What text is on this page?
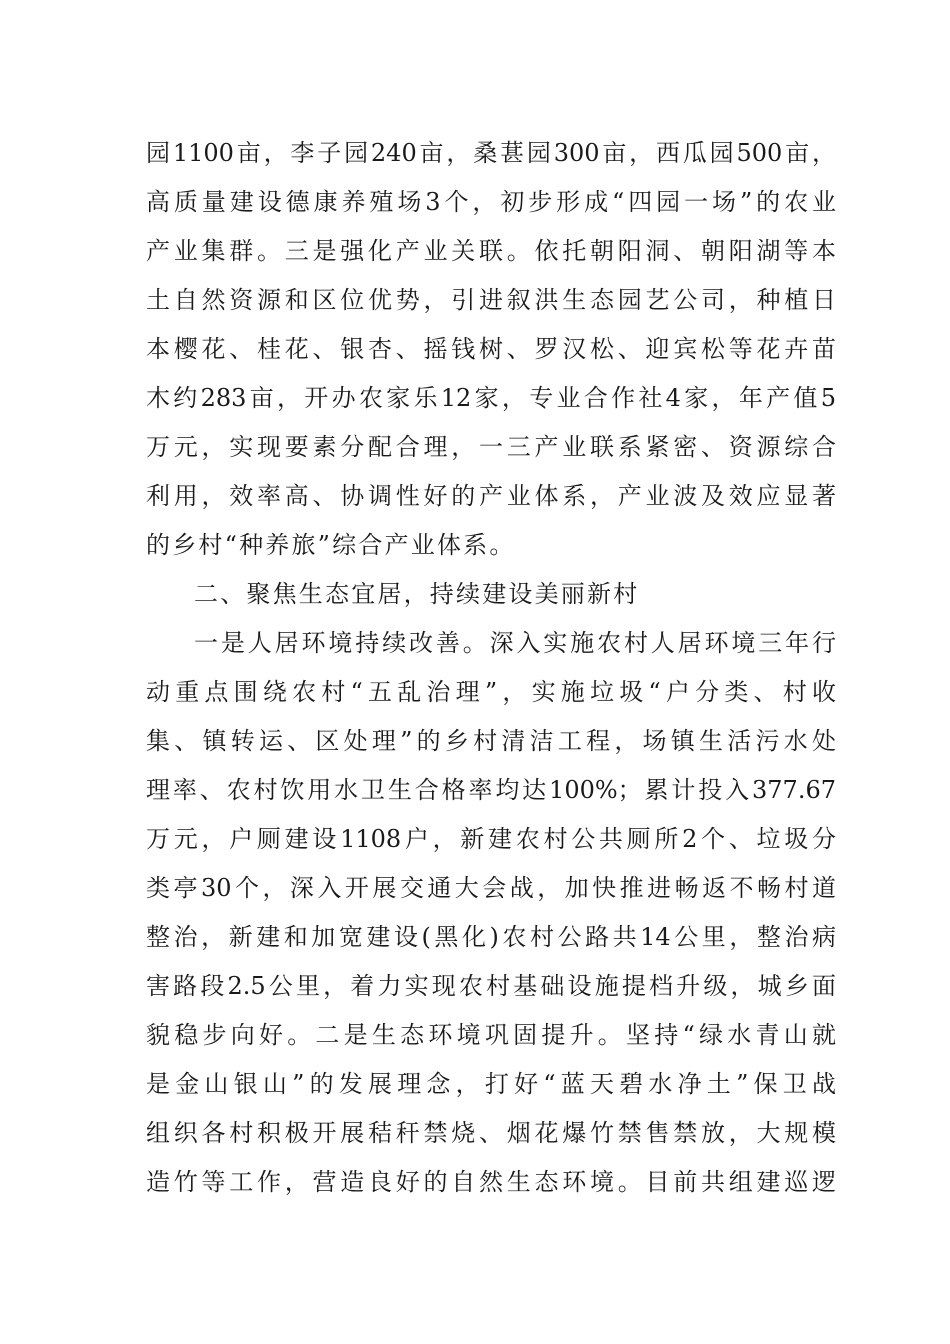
园1100亩，李子园240亩，桑葚园300亩，西瓜园500亩，
高质量建设德康养殖场3个，初步形成“四园一场”的农业
产业集群。三是强化产业关联。依托朝阳洞、朝阳湖等本
土自然资源和区位优势，引进叙洪生态园艺公司，种植日
本樱花、桂花、银杏、摇钱树、罗汉松、迎宾松等花卉苗
木约283亩，开办农家乐12家，专业合作社4家，年产值5
万元，实现要素分配合理，一三产业联系紧密、资源综合
利用，效率高、协调性好的产业体系，产业波及效应显著
的乡村“种养旅”综合产业体系。
二、聚焦生态宜居，持续建设美丽新村
一是人居环境持续改善。深入实施农村人居环境三年行
动重点围绕农村“五乱治理”，实施垃圾“户分类、村收
集、镇转运、区处理”的乡村清洁工程，场镇生活污水处
理率、农村饮用水卫生合格率均达100%；累计投入377.67
万元，户厕建设1108户，新建农村公共厕所2个、垃圾分
类亭30个，深入开展交通大会战，加快推进畅返不畅村道
整治，新建和加宽建设(黑化)农村公路共14公里，整治病
害路段2.5公里，着力实现农村基础设施提档升级，城乡面
貌稳步向好。二是生态环境巩固提升。坚持“绿水青山就
是金山银山”的发展理念，打好“蓝天碧水净土”保卫战
组织各村积极开展秸秆禁烧、烟花爆竹禁售禁放，大规模
造竹等工作，营造良好的自然生态环境。目前共组建巡逻
